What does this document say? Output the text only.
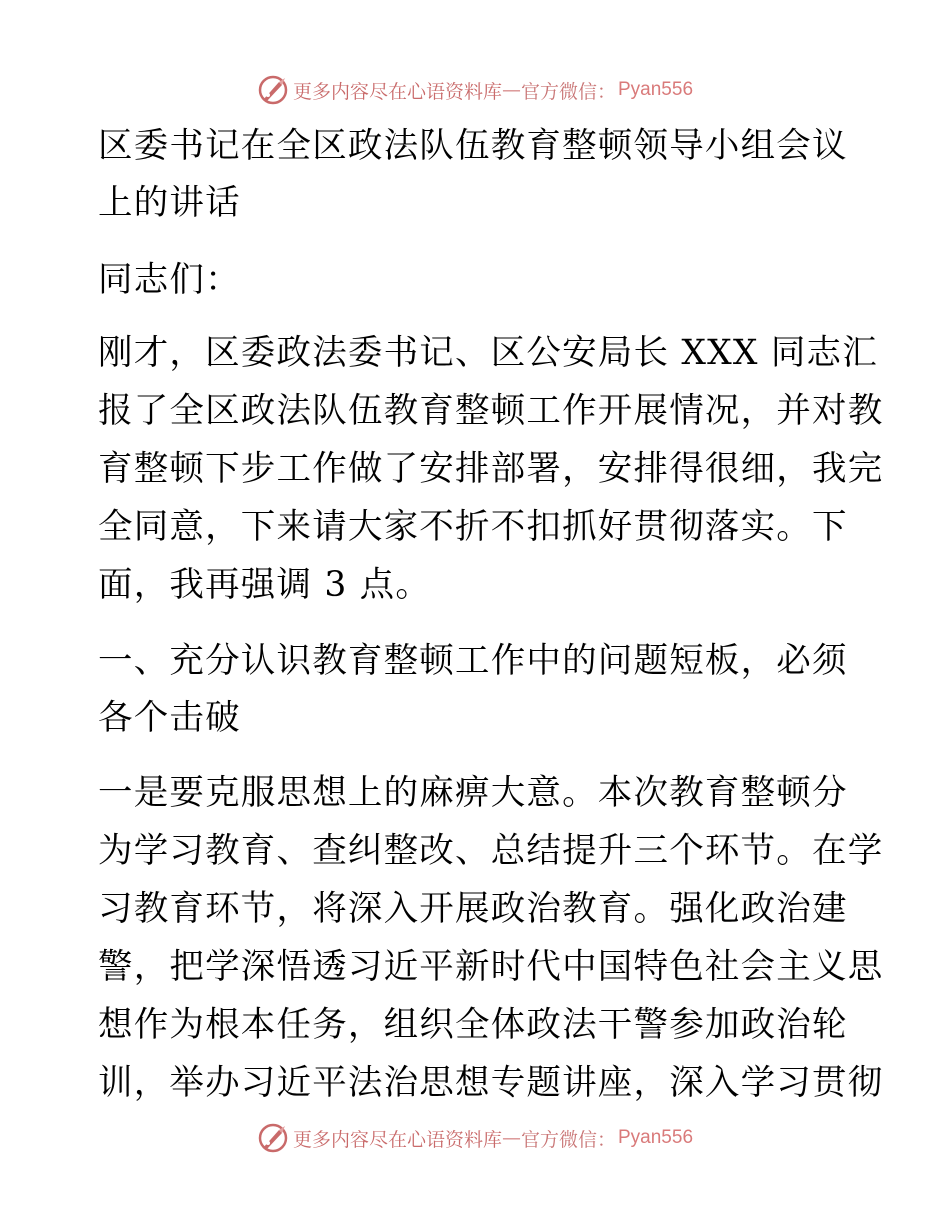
更多内容尽在心语资料库 — 官方微信： Pyan556
区委书记在全区政法队伍教育整顿领导小组会议
上的讲话
同志们：
刚才，区委政法委书记、区公安局长 XXX 同志汇
报了全区政法队伍教育整顿工作开展情况，并对教
育整顿下步工作做了安排部署，安排得很细，我完
全同意，下来请大家不折不扣抓好贯彻落实。下
面，我再强调 3 点。
一、充分认识教育整顿工作中的问题短板，必须
各个击破
一是要克服思想上的麻痹大意。本次教育整顿分
为学习教育、查纠整改、总结提升三个环节。在学
习教育环节，将深入开展政治教育。强化政治建
警，把学深悟透习近平新时代中国特色社会主义思
想作为根本任务，组织全体政法干警参加政治轮
训，举办习近平法治思想专题讲座，深入学习贯彻
更多内容尽在心语资料库 — 官方微信： Pyan556
